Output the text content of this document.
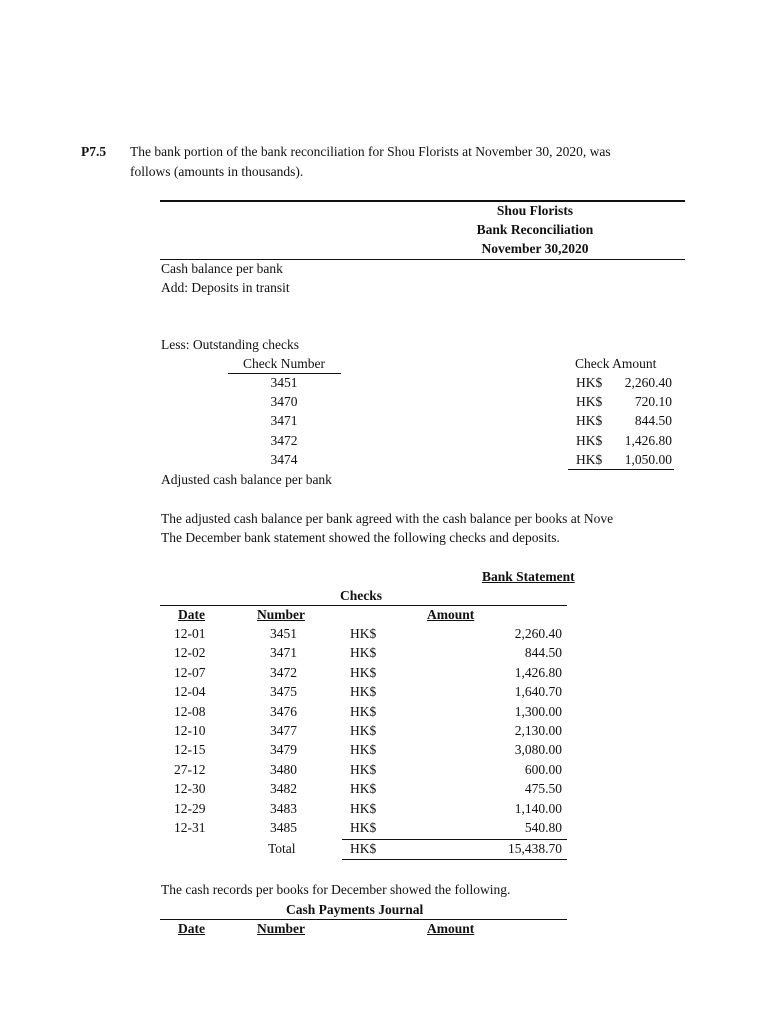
P7.5 The bank portion of the bank reconciliation for Shou Florists at November 30, 2020, was
follows (amounts in thousands).
Shou Florists
Bank Reconciliation
November 30,2020
Cash balance per bank
Add: Deposits in transit
Less: Outstanding checks
Check Number	Check Amount
3451	HK$	2,260.40
3470	HK$	720.10
3471	HK$	844.50
3472	HK$	1,426.80
3474	HK$	1,050.00
Adjusted cash balance per bank
The adjusted cash balance per bank agreed with the cash balance per books at Nove
The December bank statement showed the following checks and deposits.
Bank Statement
Checks
Date	Number	Amount
12-01	3451	HK$	2,260.40
12-02	3471	HK$	844.50
12-07	3472	HK$	1,426.80
12-04	3475	HK$	1,640.70
12-08	3476	HK$	1,300.00
12-10	3477	HK$	2,130.00
12-15	3479	HK$	3,080.00
27-12	3480	HK$	600.00
12-30	3482	HK$	475.50
12-29	3483	HK$	1,140.00
12-31	3485	HK$	540.80
Total	HK$	15,438.70
The cash records per books for December showed the following.
Cash Payments Journal
Date	Number	Amount
